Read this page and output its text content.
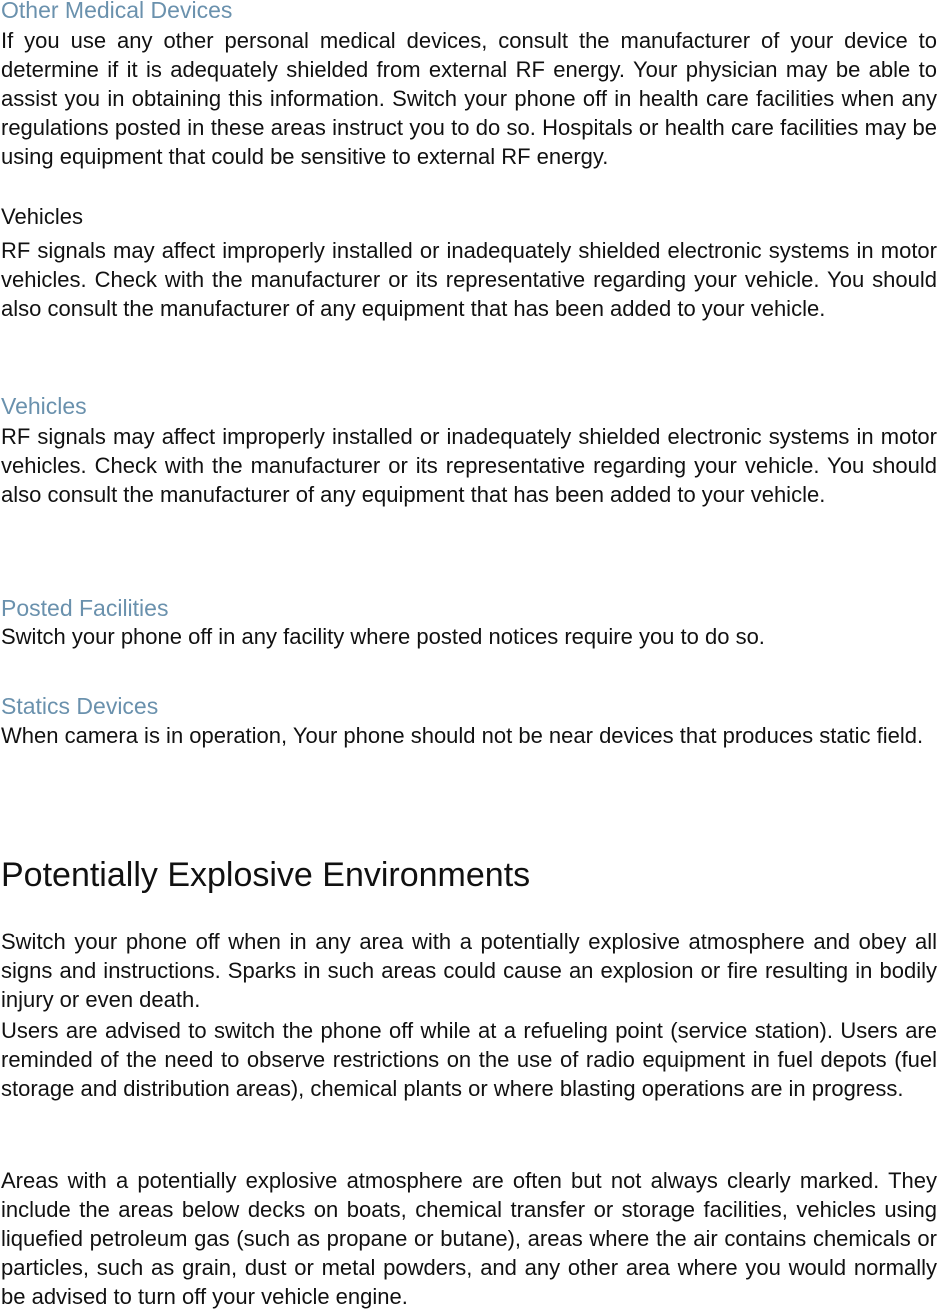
Other Medical Devices

If you use any other personal medical devices, consult the manufacturer of your device to determine if it is adequately shielded from external RF energy. Your physician may be able to assist you in obtaining this information. Switch your phone off in health care facilities when any regulations posted in these areas instruct you to do so. Hospitals or health care facilities may be using equipment that could be sensitive to external RF energy.

Vehicles

RF signals may affect improperly installed or inadequately shielded electronic systems in motor vehicles. Check with the manufacturer or its representative regarding your vehicle. You should also consult the manufacturer of any equipment that has been added to your vehicle.

Vehicles

RF signals may affect improperly installed or inadequately shielded electronic systems in motor vehicles. Check with the manufacturer or its representative regarding your vehicle. You should also consult the manufacturer of any equipment that has been added to your vehicle.

Posted Facilities

Switch your phone off in any facility where posted notices require you to do so.

Statics Devices

When camera is in operation, Your phone should not be near devices that produces static field.

Potentially Explosive Environments

Switch your phone off when in any area with a potentially explosive atmosphere and obey all signs and instructions. Sparks in such areas could cause an explosion or fire resulting in bodily injury or even death.

Users are advised to switch the phone off while at a refueling point (service station). Users are reminded of the need to observe restrictions on the use of radio equipment in fuel depots (fuel storage and distribution areas), chemical plants or where blasting operations are in progress.

Areas with a potentially explosive atmosphere are often but not always clearly marked. They include the areas below decks on boats, chemical transfer or storage facilities, vehicles using liquefied petroleum gas (such as propane or butane), areas where the air contains chemicals or particles, such as grain, dust or metal powders, and any other area where you would normally be advised to turn off your vehicle engine.
